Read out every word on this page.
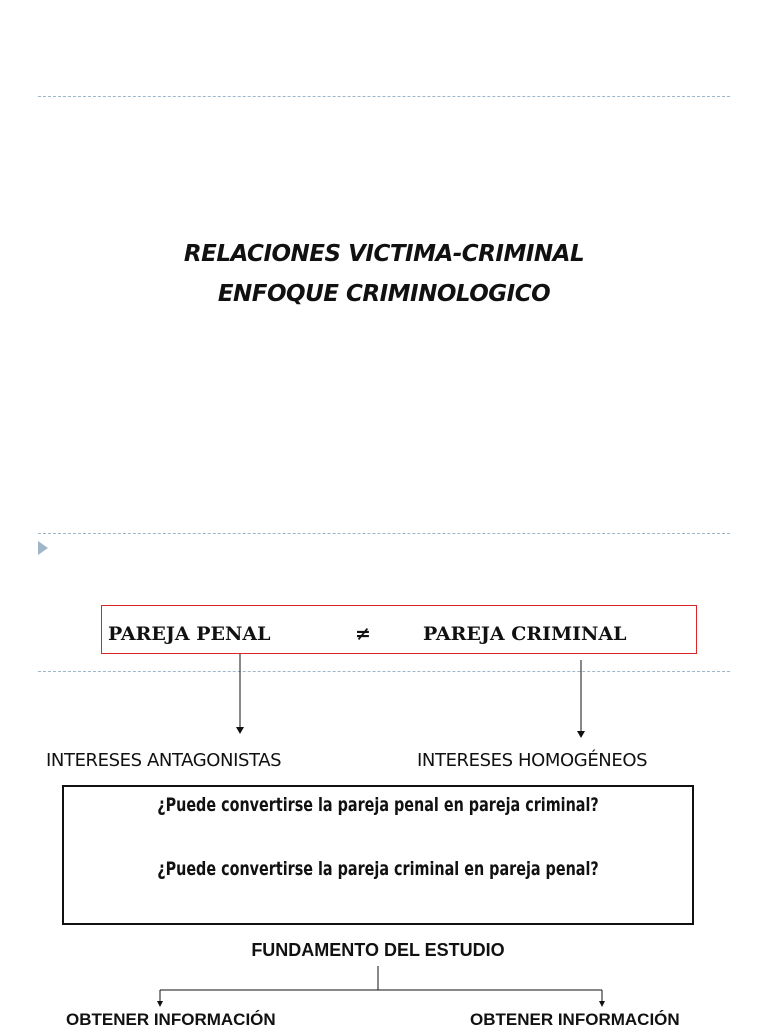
RELACIONES VICTIMA-CRIMINAL
ENFOQUE CRIMINOLOGICO
PAREJA PENAL	≠	PAREJA CRIMINAL
INTERESES ANTAGONISTAS	INTERESES HOMOGÉNEOS
¿Puede convertirse la pareja penal en pareja criminal?
¿Puede convertirse la pareja criminal en pareja penal?
FUNDAMENTO DEL ESTUDIO
OBTENER INFORMACIÓN	OBTENER INFORMACIÓN
